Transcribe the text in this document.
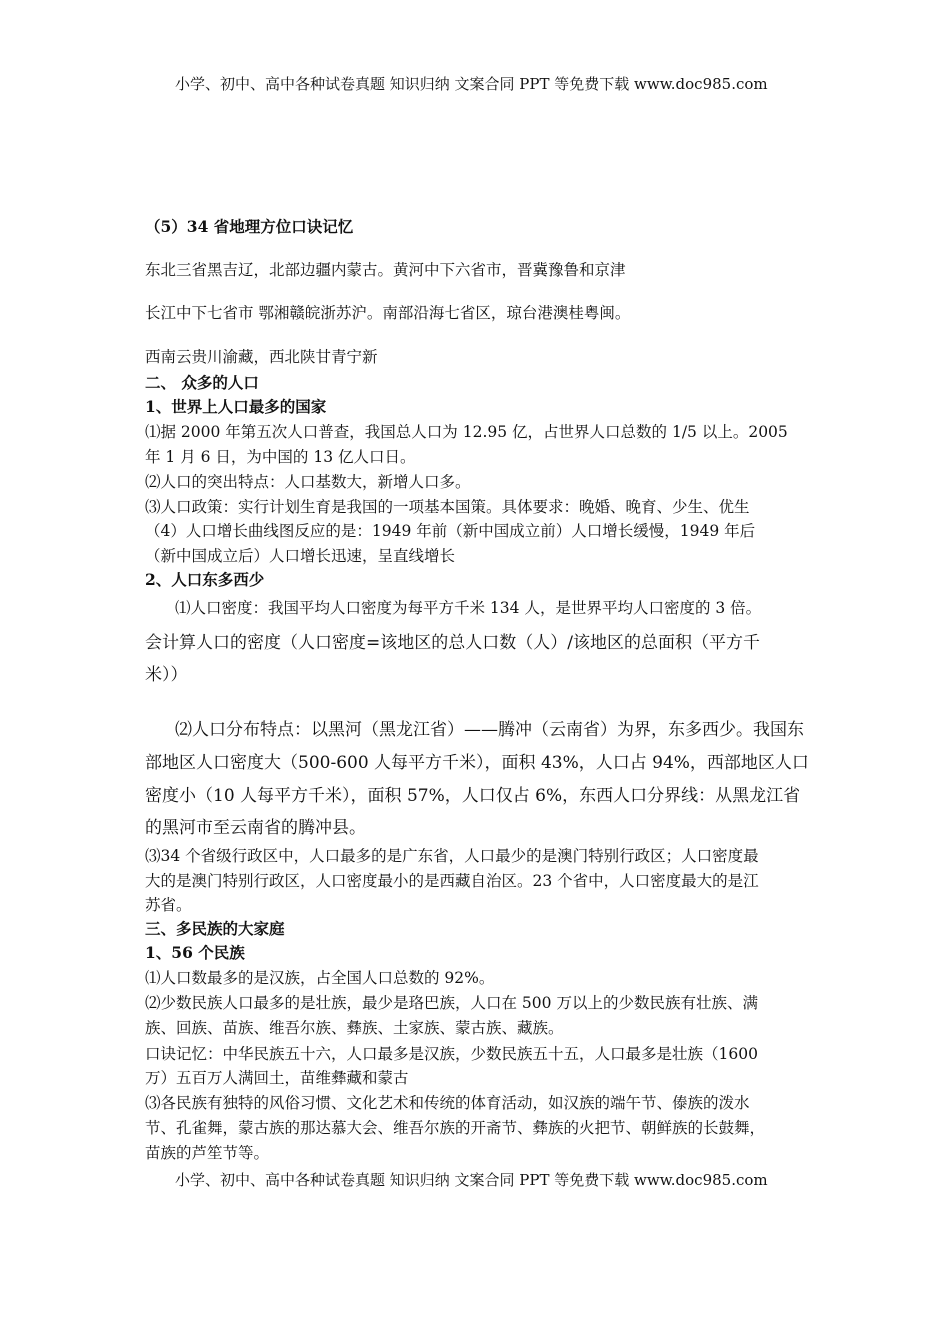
小学、初中、高中各种试卷真题 知识归纳 文案合同 PPT 等免费下载 www.doc985.com
（5）34 省地理方位口诀记忆
东北三省黑吉辽，北部边疆内蒙古。黄河中下六省市，晋冀豫鲁和京津
长江中下七省市 鄂湘赣皖浙苏沪。南部沿海七省区，琼台港澳桂粤闽。
西南云贵川渝藏，西北陕甘青宁新
二、 众多的人口
1、世界上人口最多的国家
⑴据 2000 年第五次人口普查，我国总人口为 12.95 亿，占世界人口总数的 1/5 以上。2005
年 1 月 6 日，为中国的 13 亿人口日。
⑵人口的突出特点：人口基数大，新增人口多。
⑶人口政策：实行计划生育是我国的一项基本国策。具体要求：晚婚、晚育、少生、优生
（4）人口增长曲线图反应的是：1949 年前（新中国成立前）人口增长缓慢，1949 年后
（新中国成立后）人口增长迅速，呈直线增长
2、人口东多西少
⑴人口密度：我国平均人口密度为每平方千米 134 人，是世界平均人口密度的 3 倍。
会计算人口的密度（人口密度=该地区的总人口数（人）/该地区的总面积（平方千
米））
⑵人口分布特点：以黑河（黑龙江省）——腾冲（云南省）为界，东多西少。我国东
部地区人口密度大（500-600 人每平方千米），面积 43%，人口占 94%，西部地区人口
密度小（10 人每平方千米），面积 57%，人口仅占 6%，东西人口分界线：从黑龙江省
的黑河市至云南省的腾冲县。
⑶34 个省级行政区中，人口最多的是广东省，人口最少的是澳门特别行政区；人口密度最
大的是澳门特别行政区，人口密度最小的是西藏自治区。23 个省中，人口密度最大的是江
苏省。
三、多民族的大家庭
1、56 个民族
⑴人口数最多的是汉族，占全国人口总数的 92%。
⑵少数民族人口最多的是壮族，最少是珞巴族，人口在 500 万以上的少数民族有壮族、满
族、回族、苗族、维吾尔族、彝族、土家族、蒙古族、藏族。
口诀记忆：中华民族五十六，人口最多是汉族，少数民族五十五，人口最多是壮族（1600
万）五百万人满回土，苗维彝藏和蒙古
⑶各民族有独特的风俗习惯、文化艺术和传统的体育活动，如汉族的端午节、傣族的泼水
节、孔雀舞，蒙古族的那达慕大会、维吾尔族的开斋节、彝族的火把节、朝鲜族的长鼓舞，
苗族的芦笙节等。
小学、初中、高中各种试卷真题 知识归纳 文案合同 PPT 等免费下载 www.doc985.com
